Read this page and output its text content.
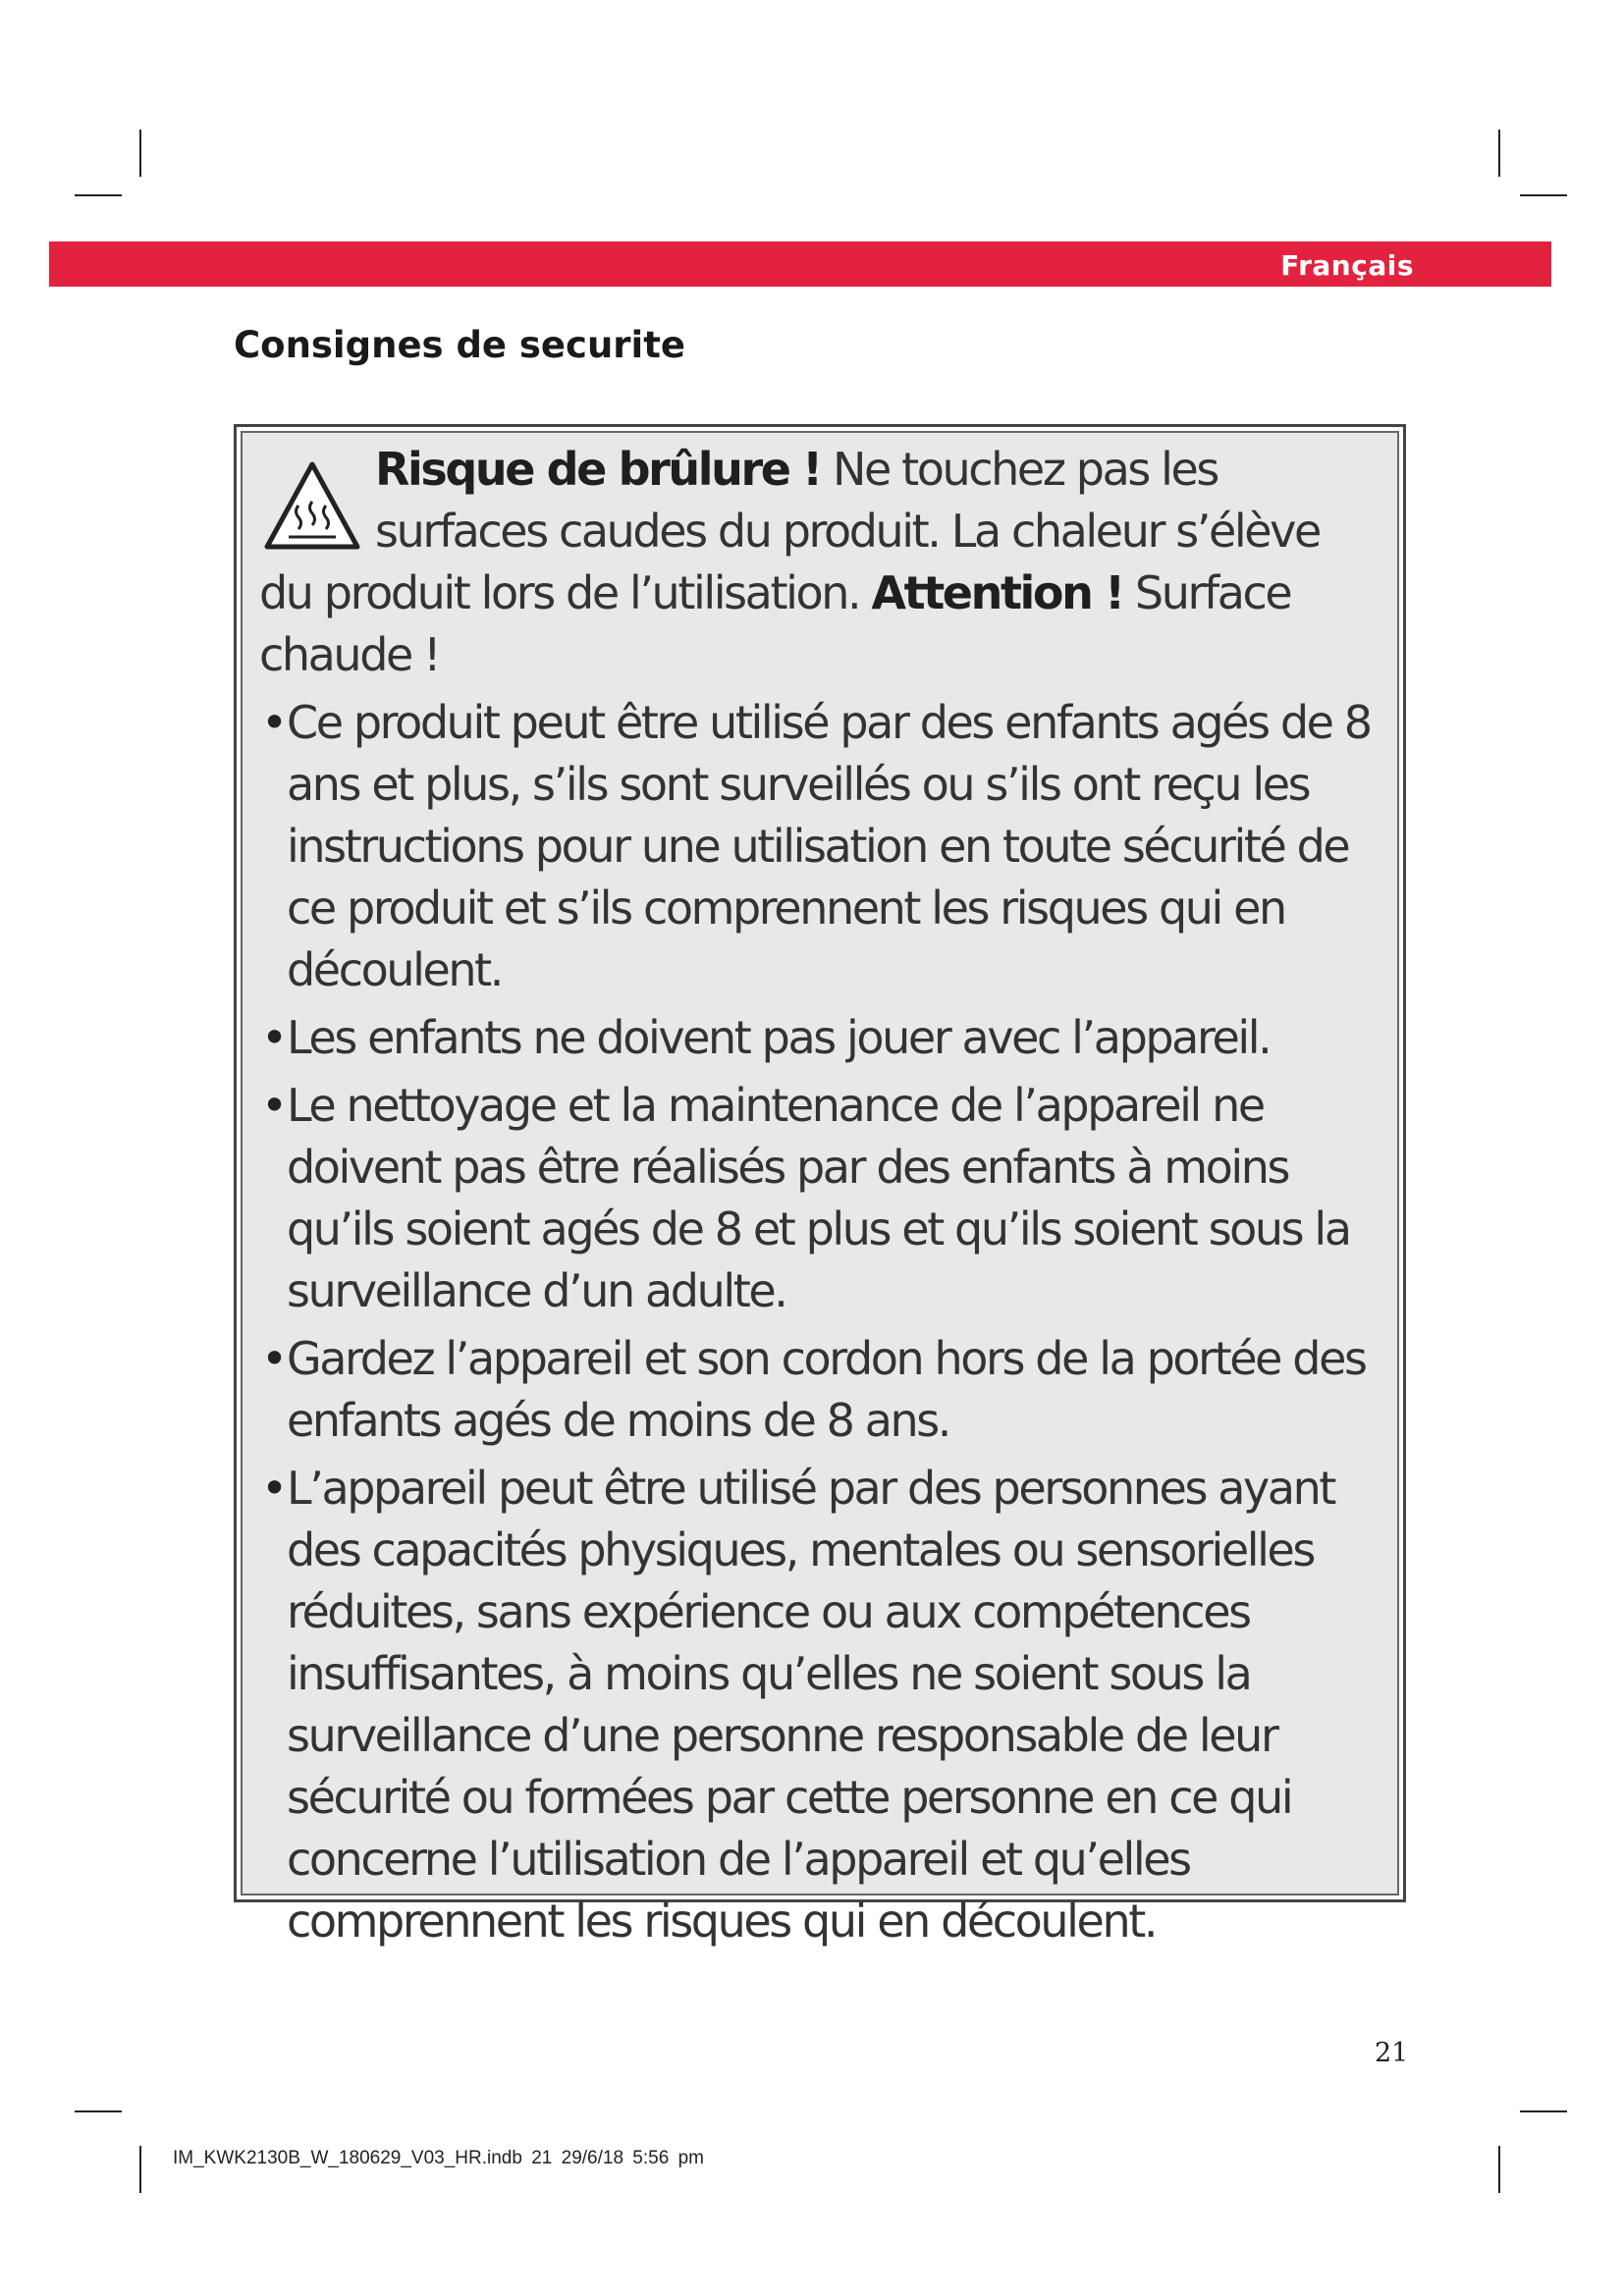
Français
Consignes de securite

Risque de brûlure ! Ne touchez pas les surfaces caudes du produit. La chaleur s’élève du produit lors de l’utilisation. Attention ! Surface chaude !

• Ce produit peut être utilisé par des enfants agés de 8 ans et plus, s’ils sont surveillés ou s’ils ont reçu les instructions pour une utilisation en toute sécurité de ce produit et s’ils comprennent les risques qui en découlent.
• Les enfants ne doivent pas jouer avec l’appareil.
• Le nettoyage et la maintenance de l’appareil ne doivent pas être réalisés par des enfants à moins qu’ils soient agés de 8 et plus et qu’ils soient sous la surveillance d’un adulte.
• Gardez l’appareil et son cordon hors de la portée des enfants agés de moins de 8 ans.
• L’appareil peut être utilisé par des personnes ayant des capacités physiques, mentales ou sensorielles réduites, sans expérience ou aux compétences insuffisantes, à moins qu’elles ne soient sous la surveillance d’une personne responsable de leur sécurité ou formées par cette personne en ce qui concerne l’utilisation de l’appareil et qu’elles comprennent les risques qui en découlent.
21
IM_KWK2130B_W_180629_V03_HR.indb 21 29/6/18 5:56 pm
